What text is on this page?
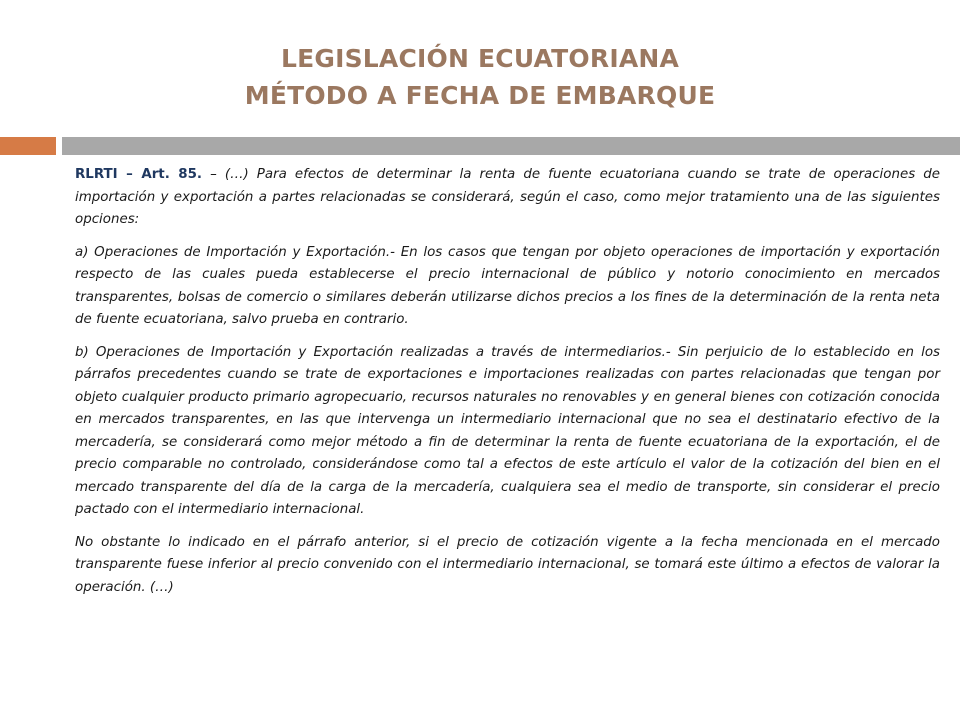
LEGISLACIÓN ECUATORIANA
MÉTODO A FECHA DE EMBARQUE

RLRTI – Art. 85. – (…) Para efectos de determinar la renta de fuente ecuatoriana cuando se trate de operaciones de importación y exportación a partes relacionadas se considerará, según el caso, como mejor tratamiento una de las siguientes opciones:

a) Operaciones de Importación y Exportación.- En los casos que tengan por objeto operaciones de importación y exportación respecto de las cuales pueda establecerse el precio internacional de público y notorio conocimiento en mercados transparentes, bolsas de comercio o similares deberán utilizarse dichos precios a los fines de la determinación de la renta neta de fuente ecuatoriana, salvo prueba en contrario.

b) Operaciones de Importación y Exportación realizadas a través de intermediarios.- Sin perjuicio de lo establecido en los párrafos precedentes cuando se trate de exportaciones e importaciones realizadas con partes relacionadas que tengan por objeto cualquier producto primario agropecuario, recursos naturales no renovables y en general bienes con cotización conocida en mercados transparentes, en las que intervenga un intermediario internacional que no sea el destinatario efectivo de la mercadería, se considerará como mejor método a fin de determinar la renta de fuente ecuatoriana de la exportación, el de precio comparable no controlado, considerándose como tal a efectos de este artículo el valor de la cotización del bien en el mercado transparente del día de la carga de la mercadería, cualquiera sea el medio de transporte, sin considerar el precio pactado con el intermediario internacional.

No obstante lo indicado en el párrafo anterior, si el precio de cotización vigente a la fecha mencionada en el mercado transparente fuese inferior al precio convenido con el intermediario internacional, se tomará este último a efectos de valorar la operación. (…)
